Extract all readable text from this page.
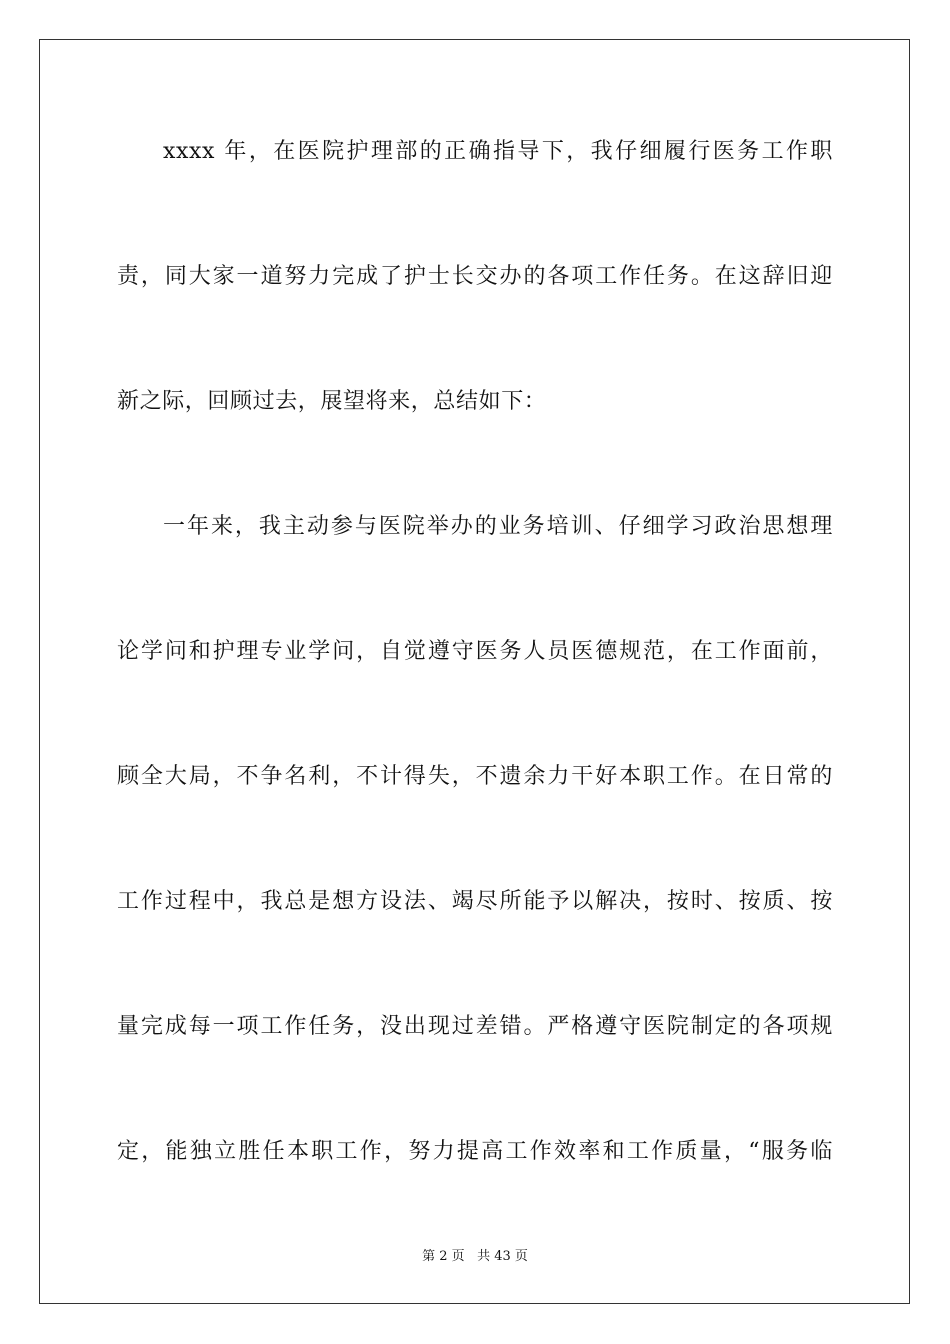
xxxx 年，在医院护理部的正确指导下，我仔细履行医务工作职
责，同大家一道努力完成了护士长交办的各项工作任务。在这辞旧迎
新之际，回顾过去，展望将来，总结如下：
一年来，我主动参与医院举办的业务培训、仔细学习政治思想理
论学问和护理专业学问，自觉遵守医务人员医德规范，在工作面前，
顾全大局，不争名利，不计得失，不遗余力干好本职工作。在日常的
工作过程中，我总是想方设法、竭尽所能予以解决，按时、按质、按
量完成每一项工作任务，没出现过差错。严格遵守医院制定的各项规
定，能独立胜任本职工作，努力提高工作效率和工作质量，“服务临
第 2 页 共 43 页
